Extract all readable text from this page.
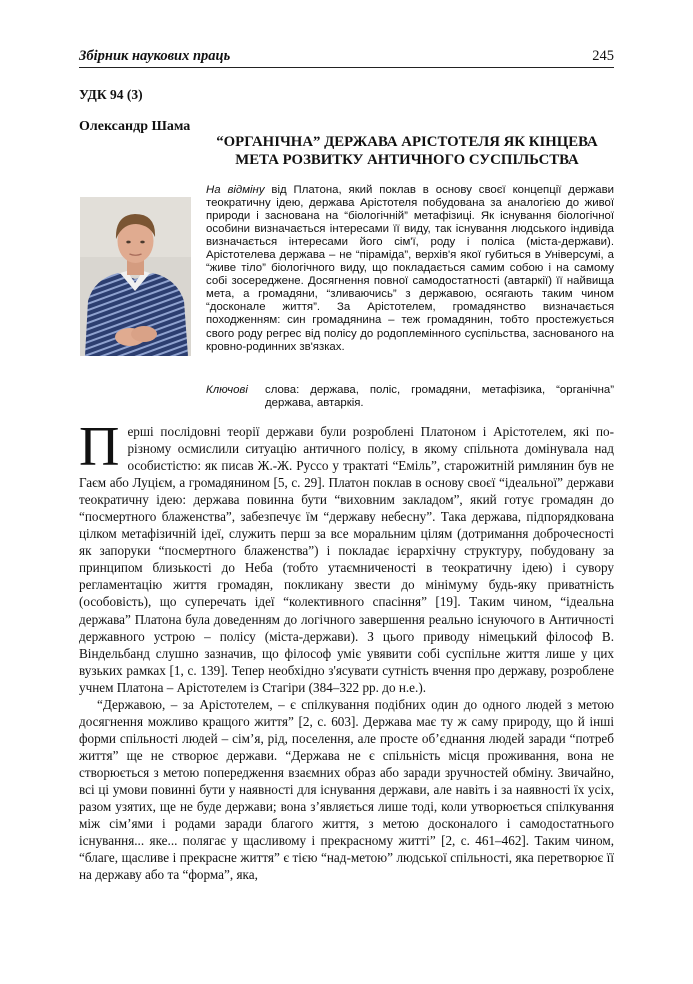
Збірник наукових праць	245
УДК 94 (3)
Олександр Шама
“ОРГАНІЧНА” ДЕРЖАВА АРІСТОТЕЛЯ ЯК КІНЦЕВА МЕТА РОЗВИТКУ АНТИЧНОГО СУСПІЛЬСТВА
На відміну від Платона, який поклав в основу своєї концепції держави теократичну ідею, держава Арістотеля побудована за аналогією до живої природи і заснована на “біологічній” метафізиці. Як існування біологічної особини визначається інтересами її виду, так існування людського індивіда визначається інтересами його сім'ї, роду і поліса (міста-держави). Арістотелева держава – не “піраміда”, верхів'я якої губиться в Універсумі, а “живе тіло” біологічного виду, що покладається самим собою і на самому собі зосереджене. Досягнення повної самодостатності (автаркії) її найвища мета, а громадяни, “зливаючись” з державою, осягають таким чином “досконале життя”. За Арістотелем, громадянство визначається походженням: син громадянина – теж громадянин, тобто простежується свого роду регрес від полісу до родоплемінного суспільства, заснованого на кровно-родинних зв'язках.
Ключові	слова: держава, поліс, громадяни, метафізика, “органічна” держава, автаркія.

Перші послідовні теорії держави були розроблені Платоном і Арістотелем, які по-різному осмислили ситуацію античного полісу, в якому спільнота домінувала над особистістю: як писав Ж.-Ж. Руссо у трактаті “Еміль”, старожитній римлянин був не Гаєм або Луцієм, а громадянином [5, с. 29]. Платон поклав в основу своєї “ідеальної” держави теократичну ідею: держава повинна бути “виховним закладом”, який готує громадян до “посмертного блаженства”, забезпечує їм “державу небесну”. Така держава, підпорядкована цілком метафізичній ідеї, служить перш за все моральним цілям (дотримання доброчесності як запоруки “посмертного блаженства”) і покладає ієрархічну структуру, побудовану за принципом близькості до Неба (тобто утаємниченості в теократичну ідею) і сувору регламентацію життя громадян, покликану звести до мінімуму будь-яку приватність (особовість), що суперечать ідеї “колективного спасіння” [19]. Таким чином, “ідеальна держава” Платона була доведенням до логічного завершення реально існуючого в Античності державного устрою – полісу (міста-держави). З цього приводу німецький філософ В. Віндельбанд слушно зазначив, що філософ уміє увявити собі суспільне життя лише у цих вузьких рамках [1, с. 139]. Тепер необхідно з'ясувати сутність вчення про державу, розроблене учнем Платона – Арістотелем із Стагіри (384–322 рр. до н.е.).

“Державою, – за Арістотелем, – є спілкування подібних один до одного людей з метою досягнення можливо кращого життя” [2, с. 603]. Держава має ту ж саму природу, що й інші форми спільності людей – сім’я, рід, поселення, але просте об’єднання людей заради “потреб життя” ще не створює держави. “Держава не є спільність місця проживання, вона не створюється з метою попередження взаємних образ або заради зручностей обміну. Звичайно, всі ці умови повинні бути у наявності для існування держави, але навіть і за наявності їх усіх, разом узятих, ще не буде держави; вона з’являється лише тоді, коли утворюється спілкування між сім’ями і родами заради благого життя, з метою досконалого і самодостатнього існування... яке... полягає у щасливому і прекрасному житті” [2, с. 461–462]. Таким чином, “благе, щасливе і прекрасне життя” є тією “над-метою” людської спільності, яка перетворює її на державу або та “форма”, яка,
